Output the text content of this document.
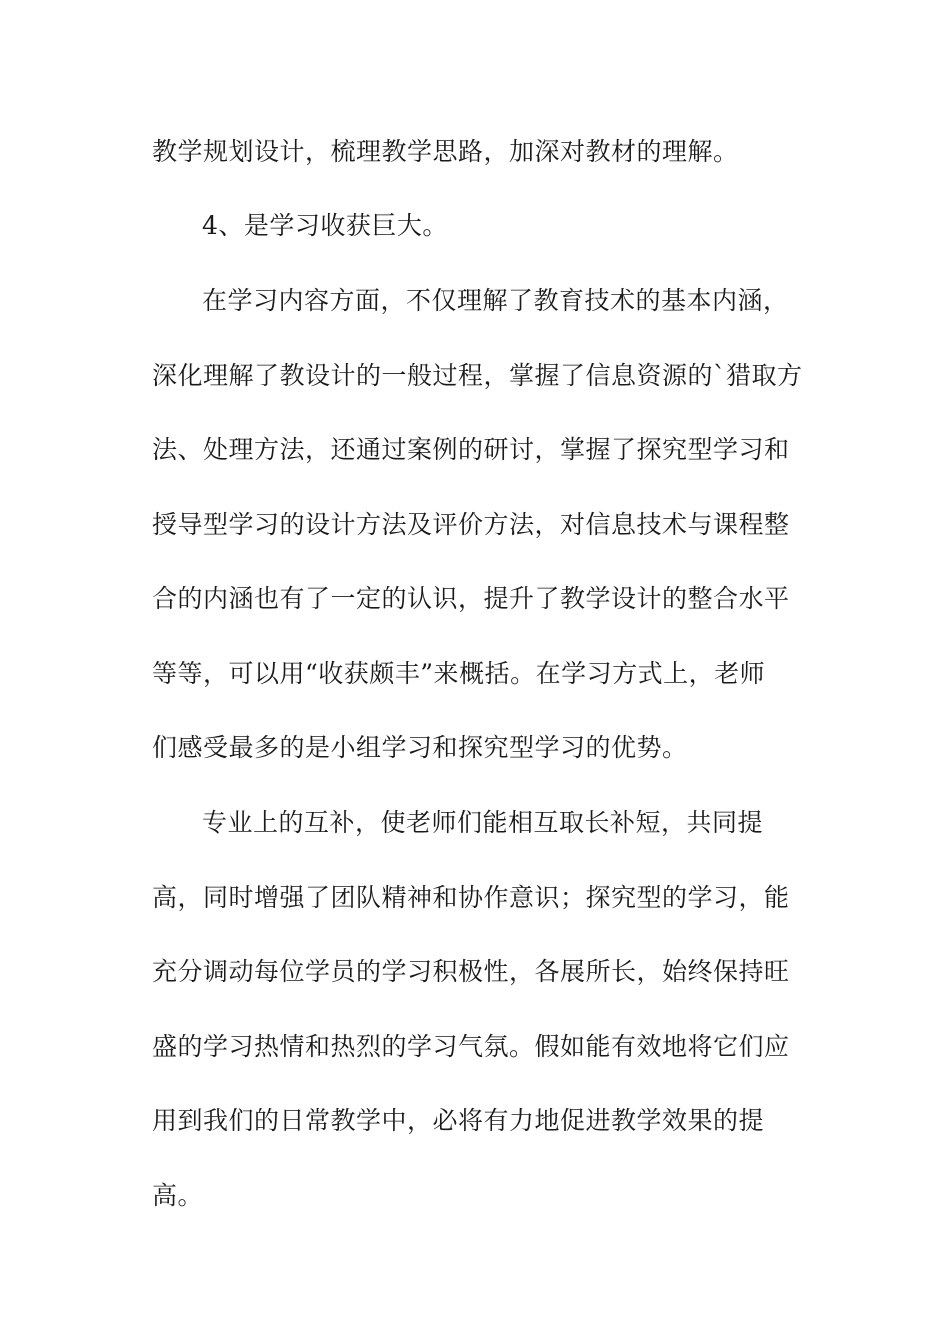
教学规划设计，梳理教学思路，加深对教材的理解。
4、是学习收获巨大。
在学习内容方面，不仅理解了教育技术的基本内涵，
深化理解了教设计的一般过程，掌握了信息资源的`猎取方
法、处理方法，还通过案例的研讨，掌握了探究型学习和
授导型学习的设计方法及评价方法，对信息技术与课程整
合的内涵也有了一定的认识，提升了教学设计的整合水平
等等，可以用“收获颇丰”来概括。在学习方式上，老师
们感受最多的是小组学习和探究型学习的优势。
专业上的互补，使老师们能相互取长补短，共同提
高，同时增强了团队精神和协作意识；探究型的学习，能
充分调动每位学员的学习积极性，各展所长，始终保持旺
盛的学习热情和热烈的学习气氛。假如能有效地将它们应
用到我们的日常教学中，必将有力地促进教学效果的提
高。
